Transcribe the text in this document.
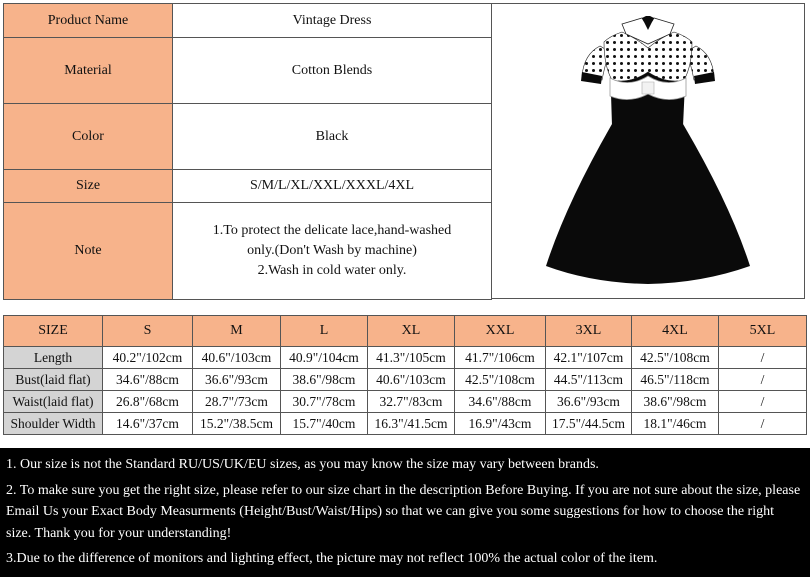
Product Name	Vintage Dress
Material	Cotton Blends
Color	Black
Size	S/M/L/XL/XXL/XXXL/4XL
Note	1.To protect the delicate lace,hand-washed
only.(Don't Wash by machine)
2.Wash in cold water only.
SIZE	S	M	L	XL	XXL	3XL	4XL	5XL
Length	40.2"/102cm	40.6"/103cm	40.9"/104cm	41.3"/105cm	41.7"/106cm	42.1"/107cm	42.5"/108cm	/
Bust(laid flat)	34.6"/88cm	36.6"/93cm	38.6"/98cm	40.6"/103cm	42.5"/108cm	44.5"/113cm	46.5"/118cm	/
Waist(laid flat)	26.8"/68cm	28.7"/73cm	30.7"/78cm	32.7"/83cm	34.6"/88cm	36.6"/93cm	38.6"/98cm	/
Shoulder Width	14.6"/37cm	15.2"/38.5cm	15.7"/40cm	16.3"/41.5cm	16.9"/43cm	17.5"/44.5cm	18.1"/46cm	/

1. Our size is not the Standard RU/US/UK/EU sizes, as you may know the size may vary between brands.

2. To make sure you get the right size, please refer to our size chart in the description Before Buying. If you are not sure about the size, please Email Us your Exact Body Measurments (Height/Bust/Waist/Hips) so that we can give you some suggestions for how to choose the right size. Thank you for your understanding!

3.Due to the difference of monitors and lighting effect, the picture may not reflect 100% the actual color of the item.
